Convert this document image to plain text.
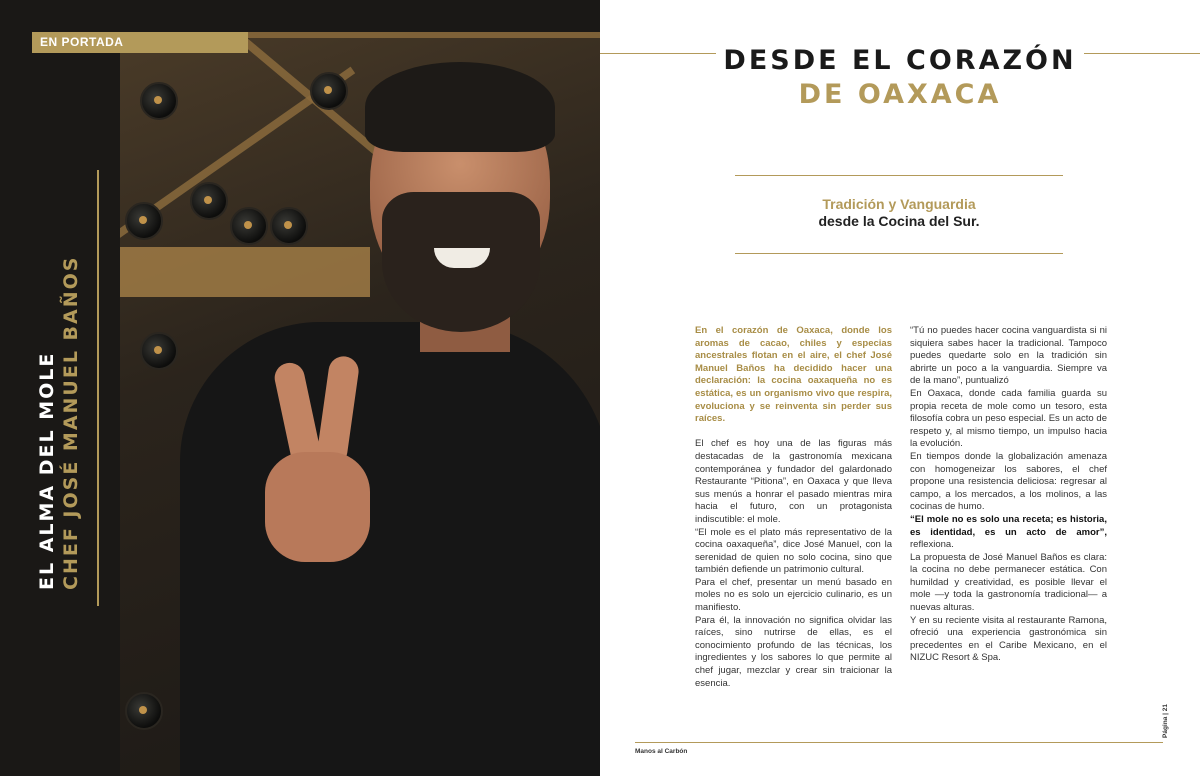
EN PORTADA
EL ALMA DEL MOLE CHEF JOSÉ MANUEL BAÑOS
DESDE EL CORAZÓN
DE OAXACA
Tradición y Vanguardia
desde la Cocina del Sur.

En el corazón de Oaxaca, donde los aromas de cacao, chiles y especias ancestrales flotan en el aire, el chef José Manuel Baños ha decidido hacer una declaración: la cocina oaxaqueña no es estática, es un organismo vivo que respira, evoluciona y se reinventa sin perder sus raíces.

El chef es hoy una de las figuras más destacadas de la gastronomía mexicana contemporánea y fundador del galardonado Restaurante “Pitiona”, en Oaxaca y que lleva sus menús a honrar el pasado mientras mira hacia el futuro, con un protagonista indiscutible: el mole.

“El mole es el plato más representativo de la cocina oaxaqueña”, dice José Manuel, con la serenidad de quien no solo cocina, sino que también defiende un patrimonio cultural.

Para el chef, presentar un menú basado en moles no es solo un ejercicio culinario, es un manifiesto.

Para él, la innovación no significa olvidar las raíces, sino nutrirse de ellas, es el conocimiento profundo de las técnicas, los ingredientes y los sabores lo que permite al chef jugar, mezclar y crear sin traicionar la esencia.

“Tú no puedes hacer cocina vanguardista si ni siquiera sabes hacer la tradicional. Tampoco puedes quedarte solo en la tradición sin abrirte un poco a la vanguardia. Siempre va de la mano”, puntualizó

En Oaxaca, donde cada familia guarda su propia receta de mole como un tesoro, esta filosofía cobra un peso especial. Es un acto de respeto y, al mismo tiempo, un impulso hacia la evolución.

En tiempos donde la globalización amenaza con homogeneizar los sabores, el chef propone una resistencia deliciosa: regresar al campo, a los mercados, a los molinos, a las cocinas de humo.

“El mole no es solo una receta; es historia, es identidad, es un acto de amor”, reflexiona.

La propuesta de José Manuel Baños es clara: la cocina no debe permanecer estática. Con humildad y creatividad, es posible llevar el mole —y toda la gastronomía tradicional— a nuevas alturas.

Y en su reciente visita al restaurante Ramona, ofreció una experiencia gastronómica sin precedentes en el Caribe Mexicano, en el NIZUC Resort & Spa.

Manos al Carbón
Página | 21
